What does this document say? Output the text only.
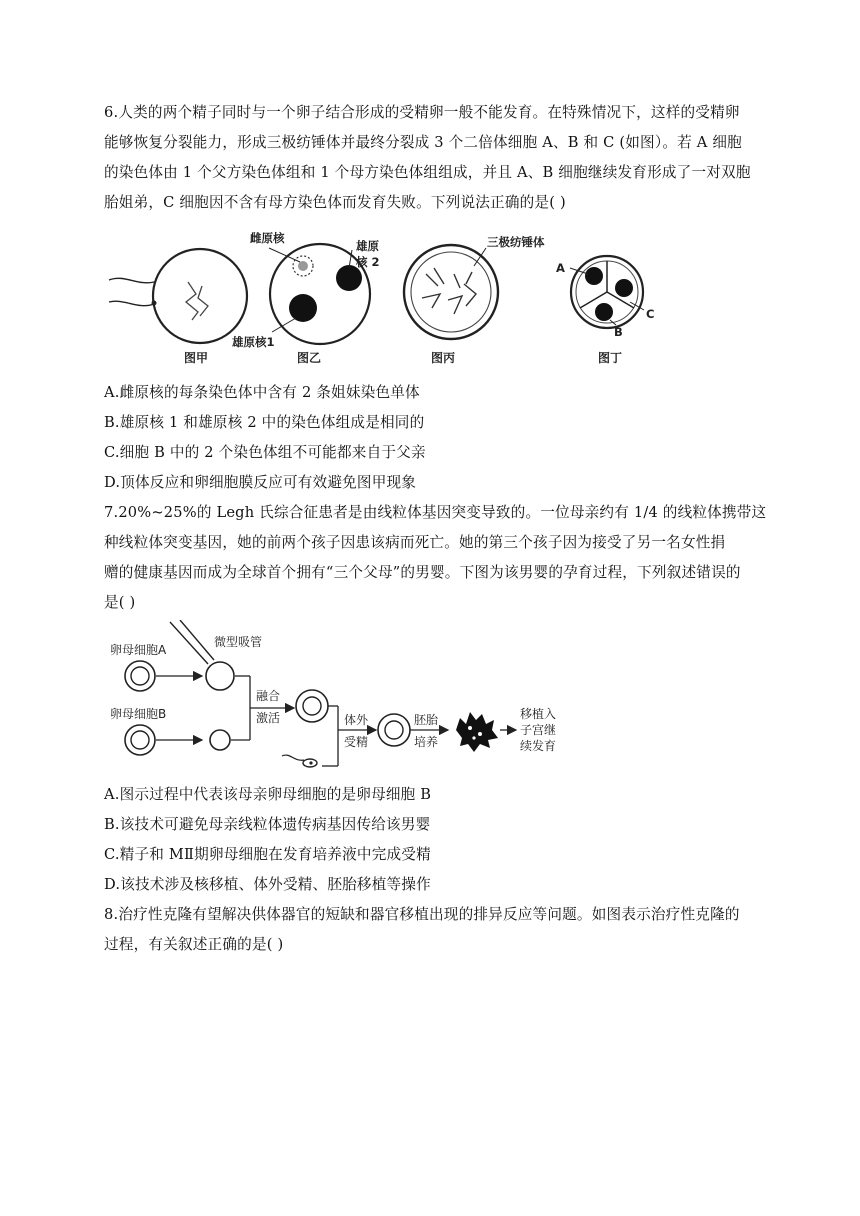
6.人类的两个精子同时与一个卵子结合形成的受精卵一般不能发育。在特殊情况下，这样的受精卵
能够恢复分裂能力，形成三极纺锤体并最终分裂成 3 个二倍体细胞 A、B 和 C (如图）。若 A 细胞
的染色体由 1 个父方染色体组和 1 个母方染色体组组成，并且 A、B 细胞继续发育形成了一对双胞
胎姐弟，C 细胞因不含有母方染色体而发育失败。下列说法正确的是( )
图甲
雌原核
雄原
核 2
雄原核1
图乙
三极纺锤体
图丙
A
C
B
图丁
A.雌原核的每条染色体中含有 2 条姐妹染色单体
B.雄原核 1 和雄原核 2 中的染色体组成是相同的
C.细胞 B 中的 2 个染色体组不可能都来自于父亲
D.顶体反应和卵细胞膜反应可有效避免图甲现象
7.20%~25%的 Legh 氏综合征患者是由线粒体基因突变导致的。一位母亲约有 1/4 的线粒体携带这
种线粒体突变基因，她的前两个孩子因患该病而死亡。她的第三个孩子因为接受了另一名女性捐
赠的健康基因而成为全球首个拥有“三个父母”的男婴。下图为该男婴的孕育过程，下列叙述错误的
是( )
卵母细胞A
卵母细胞B
微型吸管
融合
激活	体外
受精
胚胎
培养
移植入
子宫继
续发育
A.图示过程中代表该母亲卵母细胞的是卵母细胞 B
B.该技术可避免母亲线粒体遗传病基因传给该男婴
C.精子和 MⅡ期卵母细胞在发育培养液中完成受精
D.该技术涉及核移植、体外受精、胚胎移植等操作
8.治疗性克隆有望解决供体器官的短缺和器官移植出现的排异反应等问题。如图表示治疗性克隆的
过程，有关叙述正确的是( )
